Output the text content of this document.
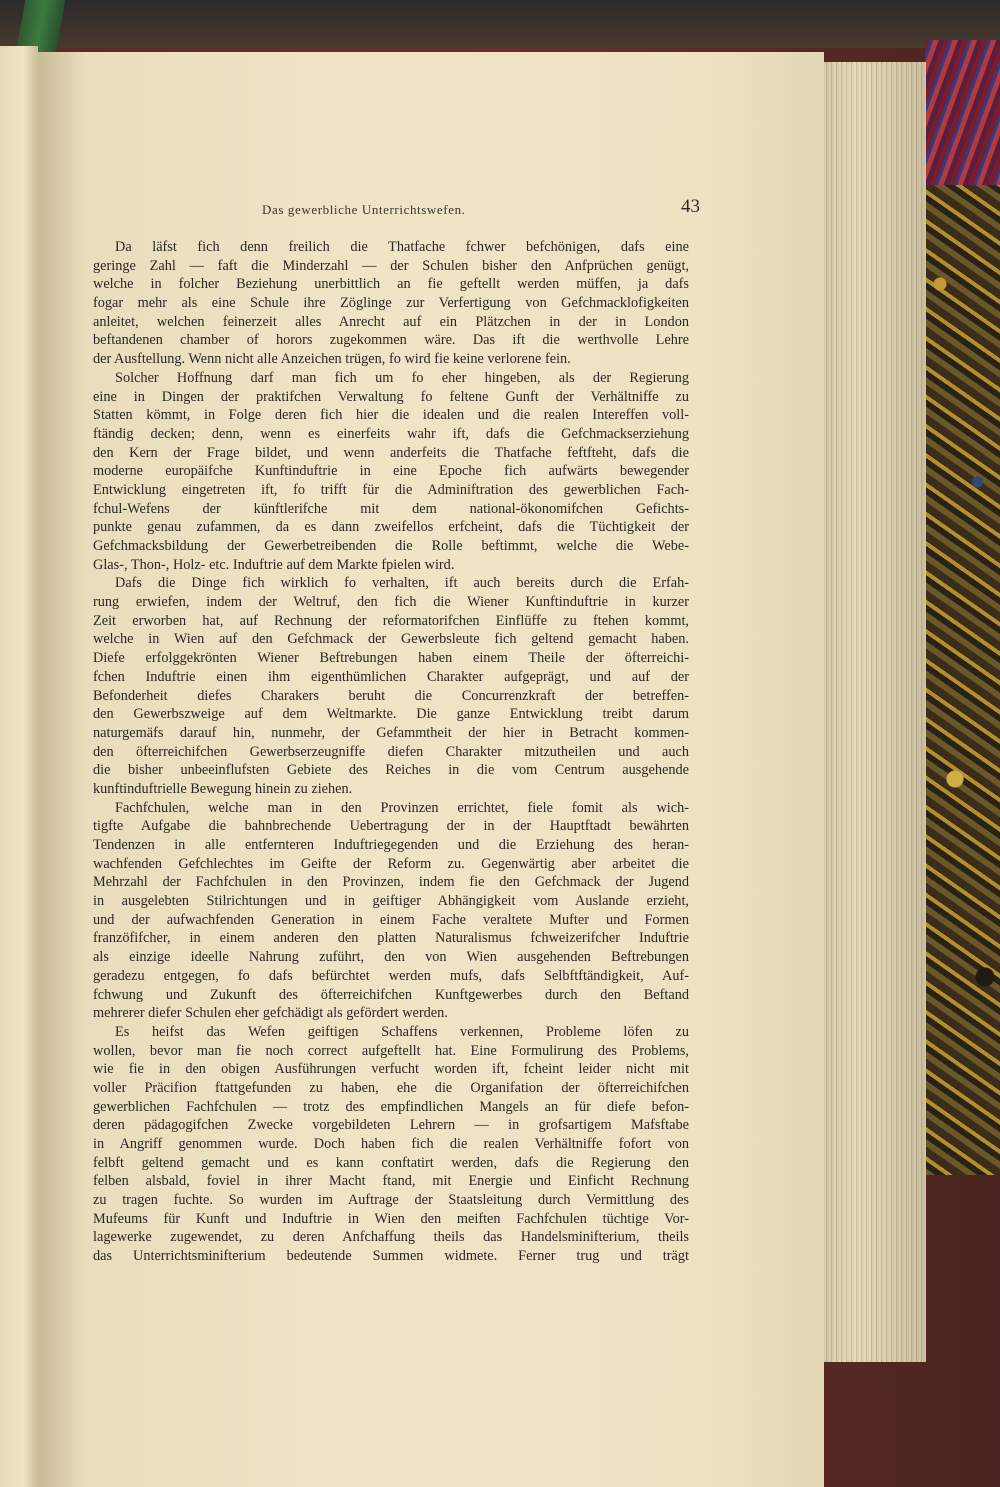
Das gewerbliche Unterrichtswefen.	43
Da läfst fich denn freilich die Thatfache fchwer befchönigen, dafs eine
geringe Zahl — faft die Minderzahl — der Schulen bisher den Anfprüchen genügt,
welche in folcher Beziehung unerbittlich an fie geftellt werden müffen, ja dafs
fogar mehr als eine Schule ihre Zöglinge zur Verfertigung von Gefchmacklofigkeiten
anleitet, welchen feinerzeit alles Anrecht auf ein Plätzchen in der in London
beftandenen chamber of horors zugekommen wäre. Das ift die werthvolle Lehre
der Ausftellung. Wenn nicht alle Anzeichen trügen, fo wird fie keine verlorene fein.
Solcher Hoffnung darf man fich um fo eher hingeben, als der Regierung
eine in Dingen der praktifchen Verwaltung fo feltene Gunft der Verhältniffe zu
Statten kömmt, in Folge deren fich hier die idealen und die realen Intereffen voll-
ftändig decken; denn, wenn es einerfeits wahr ift, dafs die Gefchmackserziehung
den Kern der Frage bildet, und wenn anderfeits die Thatfache feftfteht, dafs die
moderne europäifche Kunftinduftrie in eine Epoche fich aufwärts bewegender
Entwicklung eingetreten ift, fo trifft für die Adminiftration des gewerblichen Fach-
fchul-Wefens der künftlerifche mit dem national-ökonomifchen Gefichts-
punkte genau zufammen, da es dann zweifellos erfcheint, dafs die Tüchtigkeit der
Gefchmacksbildung der Gewerbetreibenden die Rolle beftimmt, welche die Webe-
Glas-, Thon-, Holz- etc. Induftrie auf dem Markte fpielen wird.
Dafs die Dinge fich wirklich fo verhalten, ift auch bereits durch die Erfah-
rung erwiefen, indem der Weltruf, den fich die Wiener Kunftinduftrie in kurzer
Zeit erworben hat, auf Rechnung der reformatorifchen Einflüffe zu ftehen kommt,
welche in Wien auf den Gefchmack der Gewerbsleute fich geltend gemacht haben.
Diefe erfolggekrönten Wiener Beftrebungen haben einem Theile der öfterreichi-
fchen Induftrie einen ihm eigenthümlichen Charakter aufgeprägt, und auf der
Befonderheit diefes Charakers beruht die Concurrenzkraft der betreffen-
den Gewerbszweige auf dem Weltmarkte. Die ganze Entwicklung treibt darum
naturgemäfs darauf hin, nunmehr, der Gefammtheit der hier in Betracht kommen-
den öfterreichifchen Gewerbserzeugniffe diefen Charakter mitzutheilen und auch
die bisher unbeeinflufsten Gebiete des Reiches in die vom Centrum ausgehende
kunftinduftrielle Bewegung hinein zu ziehen.
Fachfchulen, welche man in den Provinzen errichtet, fiele fomit als wich-
tigfte Aufgabe die bahnbrechende Uebertragung der in der Hauptftadt bewährten
Tendenzen in alle entfernteren Induftriegegenden und die Erziehung des heran-
wachfenden Gefchlechtes im Geifte der Reform zu. Gegenwärtig aber arbeitet die
Mehrzahl der Fachfchulen in den Provinzen, indem fie den Gefchmack der Jugend
in ausgelebten Stilrichtungen und in geiftiger Abhängigkeit vom Auslande erzieht,
und der aufwachfenden Generation in einem Fache veraltete Mufter und Formen
franzöfifcher, in einem anderen den platten Naturalismus fchweizerifcher Induftrie
als einzige ideelle Nahrung zuführt, den von Wien ausgehenden Beftrebungen
geradezu entgegen, fo dafs befürchtet werden mufs, dafs Selbftftändigkeit, Auf-
fchwung und Zukunft des öfterreichifchen Kunftgewerbes durch den Beftand
mehrerer diefer Schulen eher gefchädigt als gefördert werden.
Es heifst das Wefen geiftigen Schaffens verkennen, Probleme löfen zu
wollen, bevor man fie noch correct aufgeftellt hat. Eine Formulirung des Problems,
wie fie in den obigen Ausführungen verfucht worden ift, fcheint leider nicht mit
voller Präcifion ftattgefunden zu haben, ehe die Organifation der öfterreichifchen
gewerblichen Fachfchulen — trotz des empfindlichen Mangels an für diefe befon-
deren pädagogifchen Zwecke vorgebildeten Lehrern — in grofsartigem Mafsftabe
in Angriff genommen wurde. Doch haben fich die realen Verhältniffe fofort von
felbft geltend gemacht und es kann conftatirt werden, dafs die Regierung den
felben alsbald, foviel in ihrer Macht ftand, mit Energie und Einficht Rechnung
zu tragen fuchte. So wurden im Auftrage der Staatsleitung durch Vermittlung des
Mufeums für Kunft und Induftrie in Wien den meiften Fachfchulen tüchtige Vor-
lagewerke zugewendet, zu deren Anfchaffung theils das Handelsminifterium, theils
das Unterrichtsminifterium bedeutende Summen widmete. Ferner trug und trägt
